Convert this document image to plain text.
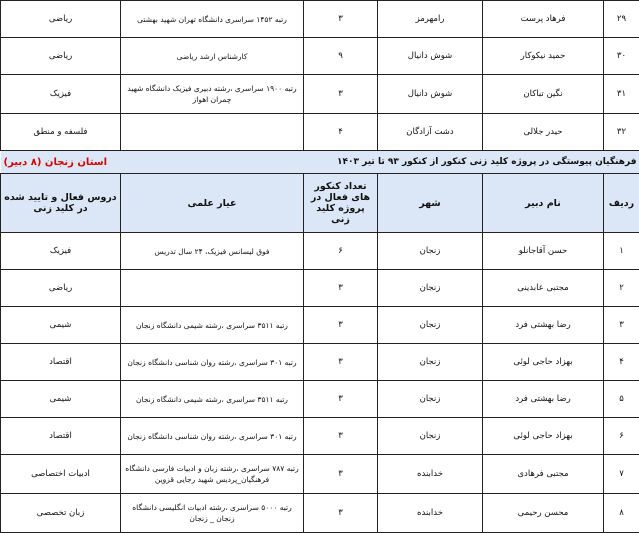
۲۹	فرهاد پرست	رامهرمز	۳	رتبه ۱۴۵۲ سراسری دانشگاه تهران شهید بهشتی	ریاضی
۳۰	حمید نیکوکار	شوش دانیال	۹	کارشناس ارشد ریاضی	ریاضی
۳۱	نگین تباکان	شوش دانیال	۳	رتبه ۱۹۰۰ سراسری ،رشته دبیری فیزیک دانشگاه شهید چمران اهواز	فیزیک
۳۲	حیدر جلالی	دشت آزادگان	۴		فلسفه و منطق

فرهنگیان پیوستگی در پروژه کلید زنی کنکور از کنکور ۹۳ تا تیر ۱۴۰۳
استان زنجان (۸ دبیر)					

ردیف	نام دبیر	شهر	تعداد کنکور های فعال در پروژه کلید زنی	عیار علمی	دروس فعال و تایید شده در کلید زنی
۱	حسن آقاجانلو	زنجان	۶	فوق لیسانس فیزیک، ۲۴ سال تدریس	فیزیک
۲	مجتبی عابدینی	زنجان	۳		ریاضی
۳	رضا بهشتی فرد	زنجان	۳	رتبه ۳۵۱۱ سراسری ،رشته شیمی دانشگاه زنجان	شیمی
۴	بهزاد حاجی لوئی	زنجان	۳	رتبه ۳۰۱ سراسری ،رشته روان شناسی دانشگاه زنجان	اقتصاد
۵	رضا بهشتی فرد	زنجان	۳	رتبه ۳۵۱۱ سراسری ،رشته شیمی دانشگاه زنجان	شیمی
۶	بهزاد حاجی لوئی	زنجان	۳	رتبه ۳۰۱ سراسری ،رشته روان شناسی دانشگاه زنجان	اقتصاد
۷	مجتبی فرهادی	خدابنده	۳	رتبه ۷۸۷ سراسری ،رشته زبان و ادبیات فارسی دانشگاه فرهنگیان_پردیس شهید رجایی قزوین	ادبیات اختصاصی
۸	محسن رحیمی	خدابنده	۳	رتبه ۵۰۰۰ سراسری ،رشته ادبیات انگلیسی دانشگاه زنجان _ زنجان	زبان تخصصی
